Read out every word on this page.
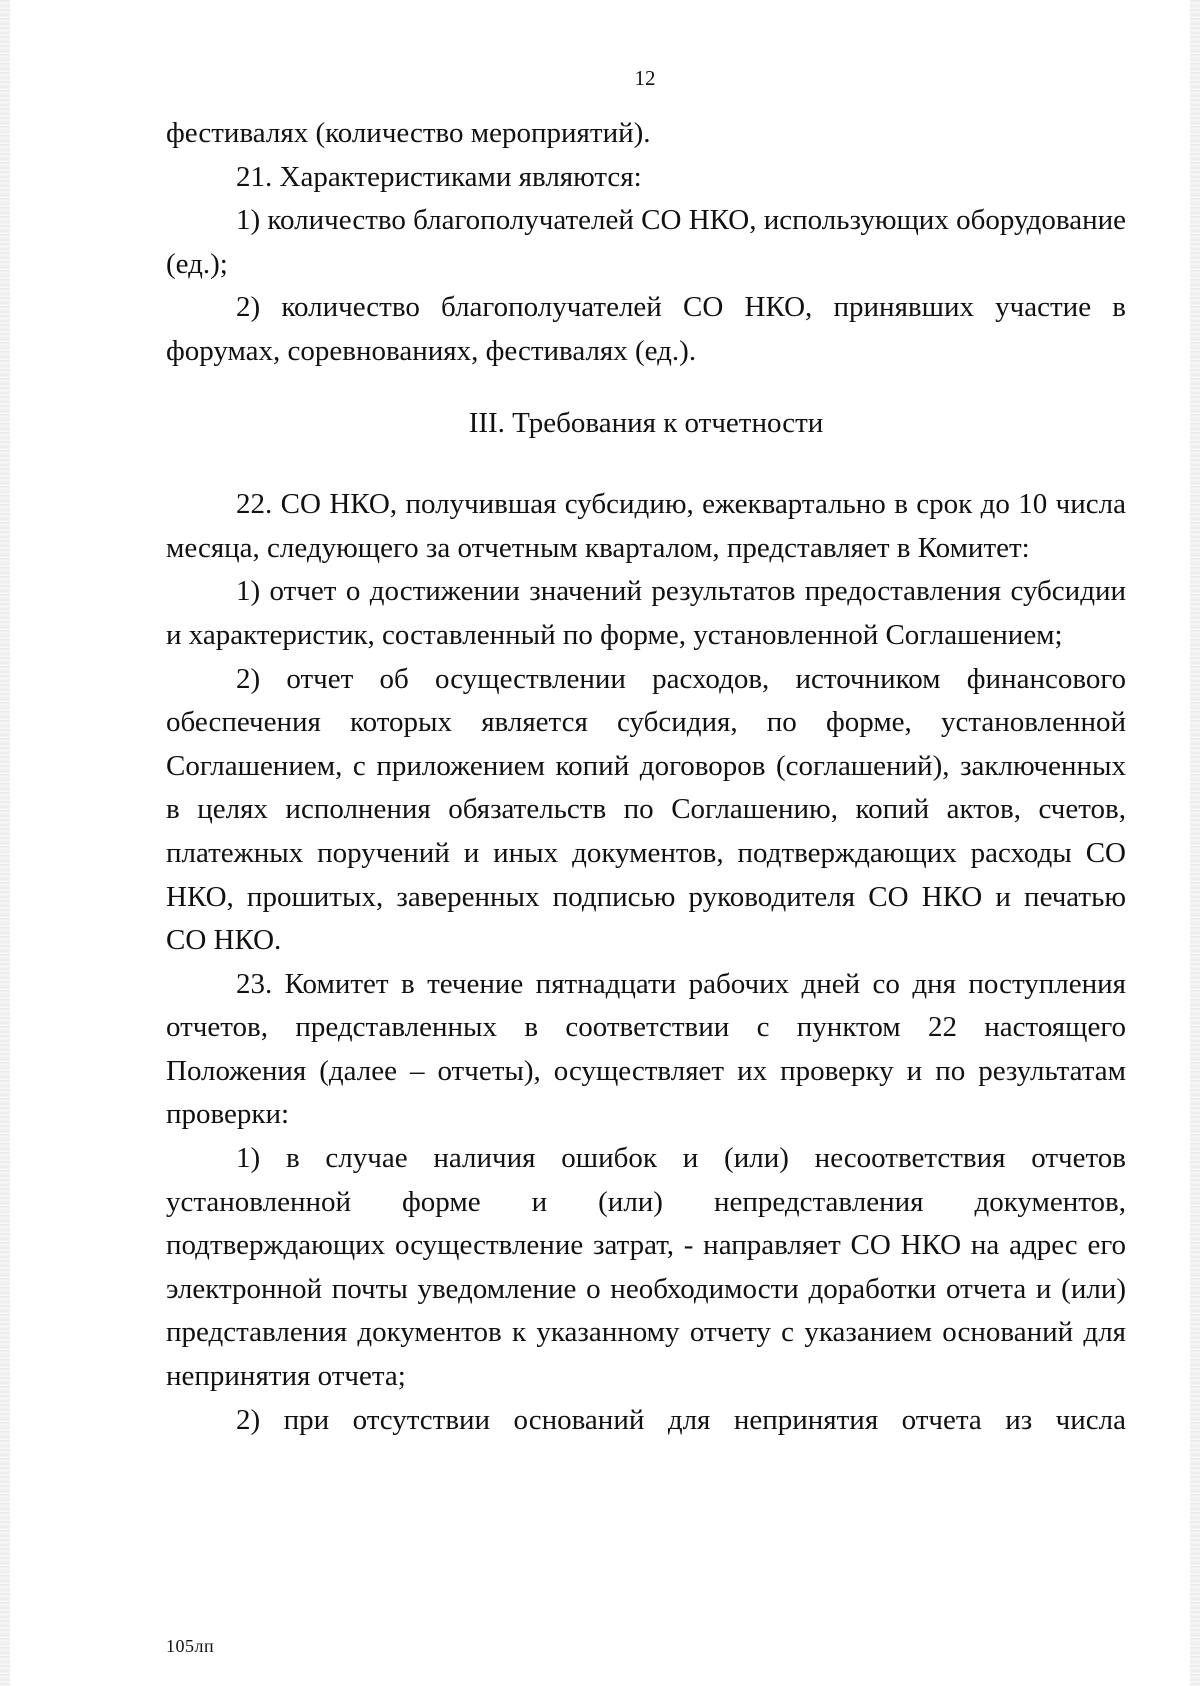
12

фестивалях (количество мероприятий).

21. Характеристиками являются:

1) количество благополучателей СО НКО, использующих оборудование (ед.);

2) количество благополучателей СО НКО, принявших участие в форумах, соревнованиях, фестивалях (ед.).

III. Требования к отчетности

22. СО НКО, получившая субсидию, ежеквартально в срок до 10 числа месяца, следующего за отчетным кварталом, представляет в Комитет:

1) отчет о достижении значений результатов предоставления субсидии и характеристик, составленный по форме, установленной Соглашением;

2) отчет об осуществлении расходов, источником финансового обеспечения которых является субсидия, по форме, установленной Соглашением, с приложением копий договоров (соглашений), заключенных в целях исполнения обязательств по Соглашению, копий актов, счетов, платежных поручений и иных документов, подтверждающих расходы СО НКО, прошитых, заверенных подписью руководителя СО НКО и печатью СО НКО.

23. Комитет в течение пятнадцати рабочих дней со дня поступления отчетов, представленных в соответствии с пунктом 22 настоящего Положения (далее – отчеты), осуществляет их проверку и по результатам проверки:

1) в случае наличия ошибок и (или) несоответствия отчетов установленной форме и (или) непредставления документов, подтверждающих осуществление затрат, - направляет СО НКО на адрес его электронной почты уведомление о необходимости доработки отчета и (или) представления документов к указанному отчету с указанием оснований для непринятия отчета;

2) при отсутствии оснований для непринятия отчета из числа

105лп
